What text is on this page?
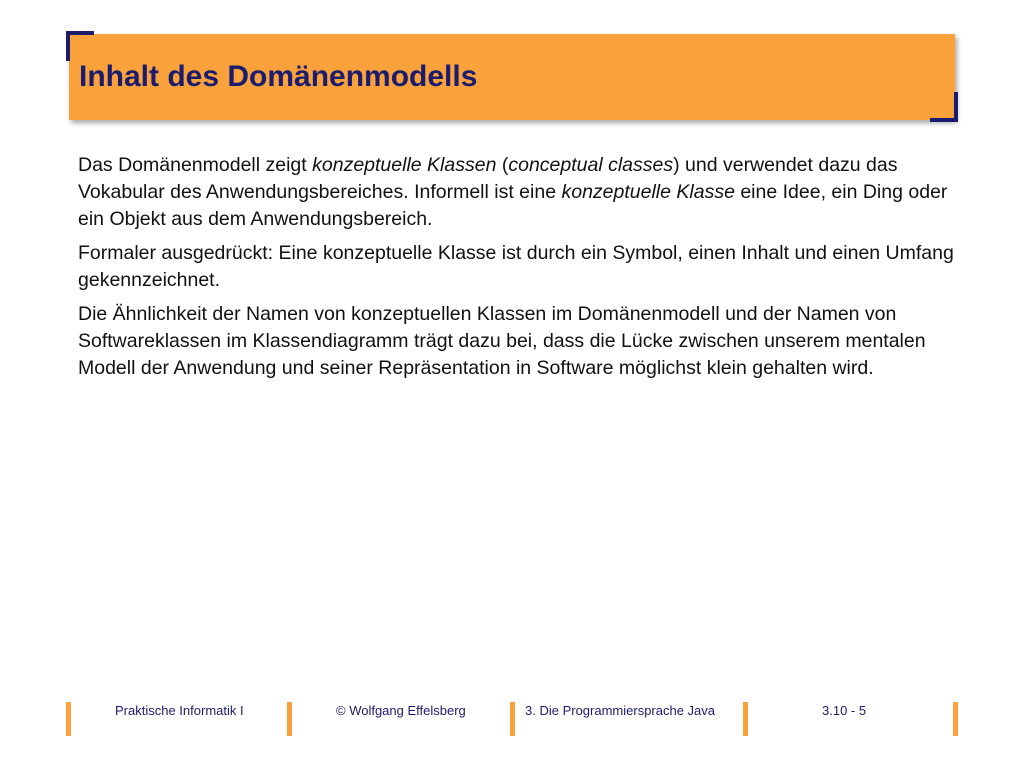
Inhalt des Domänenmodells

Das Domänenmodell zeigt konzeptuelle Klassen (conceptual classes) und verwendet dazu das Vokabular des Anwendungsbereiches. Informell ist eine konzeptuelle Klasse eine Idee, ein Ding oder ein Objekt aus dem Anwendungsbereich.

Formaler ausgedrückt: Eine konzeptuelle Klasse ist durch ein Symbol, einen Inhalt und einen Umfang gekennzeichnet.

Die Ähnlichkeit der Namen von konzeptuellen Klassen im Domänenmodell und der Namen von Softwareklassen im Klassendiagramm trägt dazu bei, dass die Lücke zwischen unserem mentalen Modell der Anwendung und seiner Repräsentation in Software möglichst klein gehalten wird.

Praktische Informatik I	© Wolfgang Effelsberg	3. Die Programmiersprache Java	3.10 - 5
